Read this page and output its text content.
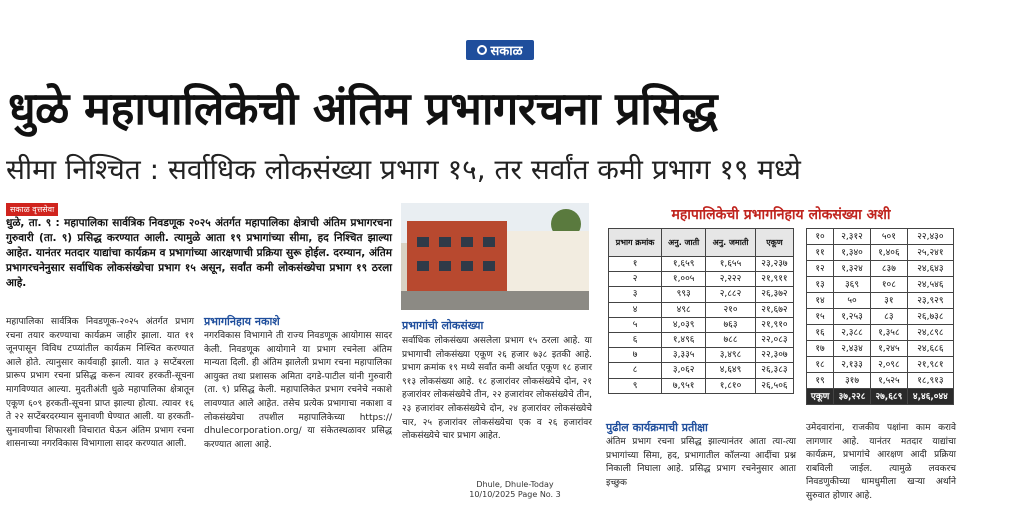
सकाळ
धुळे महापालिकेची अंतिम प्रभागरचना प्रसिद्ध
सीमा निश्चित : सर्वाधिक लोकसंख्या प्रभाग १५, तर सर्वांत कमी प्रभाग १९ मध्ये
सकाळ वृत्तसेवा
धुळे, ता. ९ : महापालिका सार्वत्रिक निवडणूक २०२५ अंतर्गत महापालिका क्षेत्राची अंतिम प्रभागरचना गुरुवारी (ता. ९) प्रसिद्ध करण्यात आली. त्यामुळे आता १९ प्रभागांच्या सीमा, हद निश्चित झाल्या आहेत. यानंतर मतदार याद्यांचा कार्यक्रम व प्रभागांच्या आरक्षणाची प्रक्रिया सुरू होईल. दरम्यान, अंतिम प्रभागरचनेनुसार सर्वाधिक लोकसंख्येचा प्रभाग १५ असून, सर्वांत कमी लोकसंख्येचा प्रभाग १९ ठरला आहे.
महापालिकेची प्रभागनिहाय लोकसंख्या अशी
प्रभाग क्रमांक	अनु. जाती	अनु. जमाती	एकूण
१	१,६५९	१,६५५	२३,२३७
२	१,००५	२,२२२	२१,९११
३	९९३	२,८८२	२६,३७२
४	४९८	२१०	२१,६७२
५	४,०३९	७६३	२१,९१०
६	१,४९६	७८८	२२,०८३
७	३,३३५	३,४९८	२२,३०७
८	३,०६२	४,६४९	२६,३८३
९	७,९५१	१,८१०	२६,५०६
१०	२,३१२	५०१	२२,४३०
११	१,३४०	१,४०६	२५,२४१
१२	१,३२४	८३७	२४,६४३
१३	३६९	१०८	२४,५४६
१४	५०	३१	२३,९२९
१५	१,२५३	८३	२६,७३८
१६	२,३८८	१,३५८	२४,८९८
१७	२,४३४	१,२४५	२४,६८६
१८	२,१३३	२,०९८	२१,९८१
१९	३१७	१,५२५	१८,९१३
एकूण	३७,२२८	२७,६८९	४,४६,०४४
महापालिका सार्वत्रिक निवडणूक-२०२५ अंतर्गत प्रभाग रचना तयार करण्याचा कार्यक्रम जाहीर झाला. यात ११ जूनपासून विविध टप्प्यांतील कार्यक्रम निश्चित करण्यात आले होते. त्यानुसार कार्यवाही झाली. यात ३ सप्टेंबरला प्रारूप प्रभाग रचना प्रसिद्ध करून त्यावर हरकती-सूचना मागविण्यात आल्या. मुदतीअंती धुळे महापालिका क्षेत्रातून एकूण ६०९ हरकती-सूचना प्राप्त झाल्या होत्या. त्यावर १६ ते २२ सप्टेंबरदरम्यान सुनावणी घेण्यात आली. या हरकती-सुनावणीचा शिफारशी विचारात घेऊन अंतिम प्रभाग रचना शासनाच्या नगरविकास विभागाला सादर करण्यात आली.
प्रभागनिहाय नकाशे
नगरविकास विभागाने ती राज्य निवडणूक आयोगास सादर केली. निवडणूक आयोगाने या प्रभाग रचनेला अंतिम मान्यता दिली. ही अंतिम झालेली प्रभाग रचना महापालिका आयुक्त तथा प्रशासक अमिता दगडे-पाटील यांनी गुरुवारी (ता. ९) प्रसिद्ध केली. महापालिकेत प्रभाग रचनेचे नकाशे लावण्यात आले आहेत. तसेच प्रत्येक प्रभागाचा नकाशा व लोकसंख्येचा तपशील महापालिकेच्या https:// dhulecorporation.org/ या संकेतस्थळावर प्रसिद्ध करण्यात आला आहे.
प्रभागांची लोकसंख्या
सर्वाधिक लोकसंख्या असलेला प्रभाग १५ ठरला आहे. या प्रभागाची लोकसंख्या एकूण २६ हजार ७३८ इतकी आहे. प्रभाग क्रमांक १९ मध्ये सर्वांत कमी अर्थात एकूण १८ हजार ९१३ लोकसंख्या आहे. १८ हजारांवर लोकसंख्येचे दोन, २१ हजारांवर लोकसंख्येचे तीन, २२ हजारांवर लोकसंख्येचे तीन, २३ हजारांवर लोकसंख्येचे दोन, २४ हजारांवर लोकसंख्येचे चार, २५ हजारांवर लोकसंख्येचा एक व २६ हजारांवर लोकसंख्येचे चार प्रभाग आहेत.
पुढील कार्यक्रमाची प्रतीक्षा
अंतिम प्रभाग रचना प्रसिद्ध झाल्यानंतर आता त्या-त्या प्रभागांच्या सिमा, हद, प्रभागातील कॉलन्या आदींचा प्रश्न निकाली निघाला आहे. प्रसिद्ध प्रभाग रचनेनुसार आता इच्छुक
उमेदवारांना, राजकीय पक्षांना काम करावे लागणार आहे. यानंतर मतदार याद्यांचा कार्यक्रम, प्रभागांचे आरक्षण आदी प्रक्रिया राबविली जाईल. त्यामुळे लवकरच निवडणुकीच्या धामधुमीला खऱ्या अर्थाने सुरुवात होणार आहे.
Dhule, Dhule-Today
10/10/2025 Page No. 3
